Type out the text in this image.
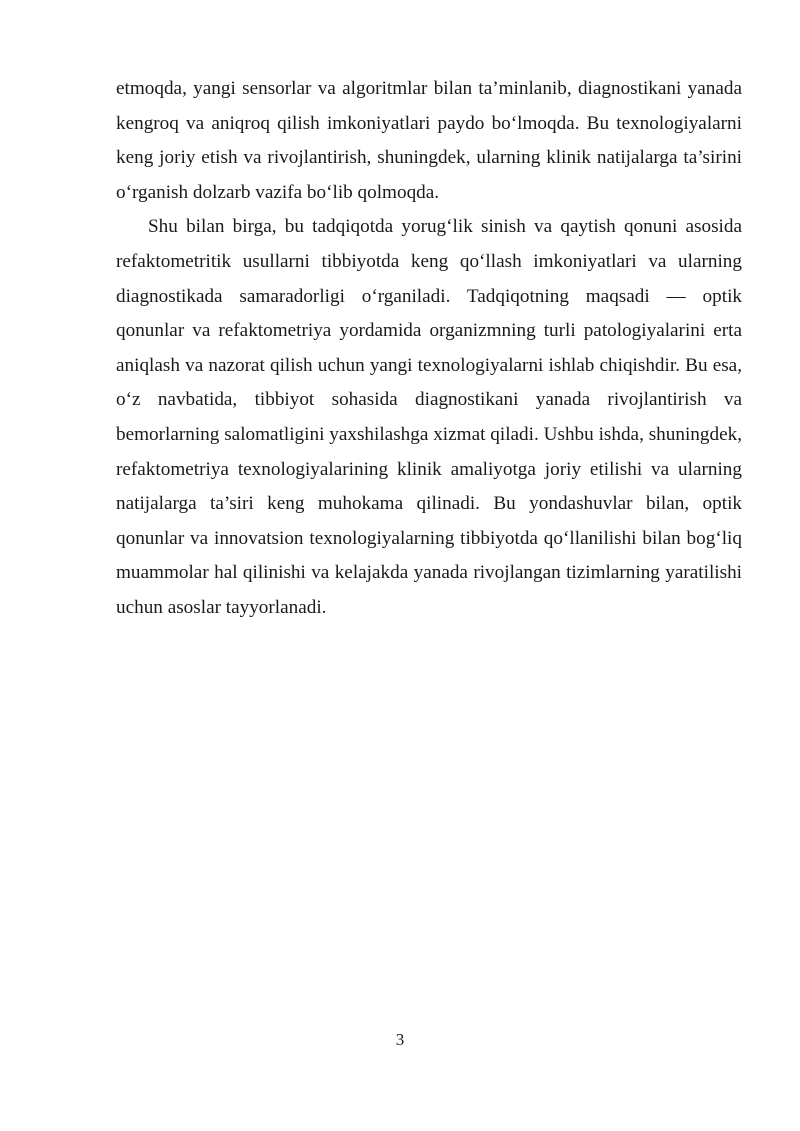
etmoqda, yangi sensorlar va algoritmlar bilan ta’minlanib, diagnostikani yanada kengroq va aniqroq qilish imkoniyatlari paydo bo‘lmoqda. Bu texnologiyalarni keng joriy etish va rivojlantirish, shuningdek, ularning klinik natijalarga ta’sirini o‘rganish dolzarb vazifa bo‘lib qolmoqda.

Shu bilan birga, bu tadqiqotda yorug‘lik sinish va qaytish qonuni asosida refaktometritik usullarni tibbiyotda keng qo‘llash imkoniyatlari va ularning diagnostikada samaradorligi o‘rganiladi. Tadqiqotning maqsadi — optik qonunlar va refaktometriya yordamida organizmning turli patologiyalarini erta aniqlash va nazorat qilish uchun yangi texnologiyalarni ishlab chiqishdir. Bu esa, o‘z navbatida, tibbiyot sohasida diagnostikani yanada rivojlantirish va bemorlarning salomatligini yaxshilashga xizmat qiladi. Ushbu ishda, shuningdek, refaktometriya texnologiyalarining klinik amaliyotga joriy etilishi va ularning natijalarga ta’siri keng muhokama qilinadi. Bu yondashuvlar bilan, optik qonunlar va innovatsion texnologiyalarning tibbiyotda qo‘llanilishi bilan bog‘liq muammolar hal qilinishi va kelajakda yanada rivojlangan tizimlarning yaratilishi uchun asoslar tayyorlanadi.

3
